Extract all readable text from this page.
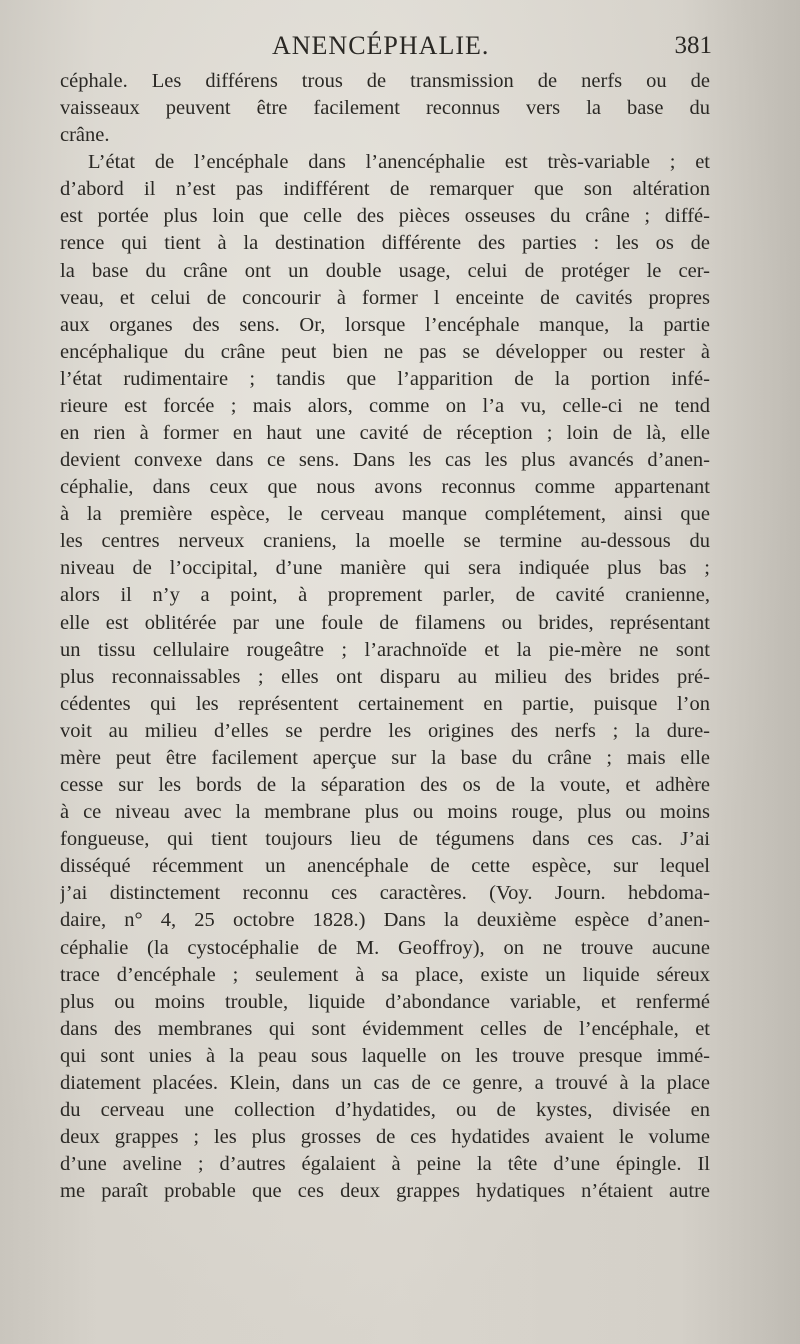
ANENCÉPHALIE.	381
céphale. Les différens trous de transmission de nerfs ou de
vaisseaux peuvent être facilement reconnus vers la base du
crâne.
L’état de l’encéphale dans l’anencéphalie est très-variable ; et
d’abord il n’est pas indifférent de remarquer que son altération
est portée plus loin que celle des pièces osseuses du crâne ; diffé-
rence qui tient à la destination différente des parties : les os de
la base du crâne ont un double usage, celui de protéger le cer-
veau, et celui de concourir à former l enceinte de cavités propres
aux organes des sens. Or, lorsque l’encéphale manque, la partie
encéphalique du crâne peut bien ne pas se développer ou rester à
l’état rudimentaire ; tandis que l’apparition de la portion infé-
rieure est forcée ; mais alors, comme on l’a vu, celle-ci ne tend
en rien à former en haut une cavité de réception ; loin de là, elle
devient convexe dans ce sens. Dans les cas les plus avancés d’anen-
céphalie, dans ceux que nous avons reconnus comme appartenant
à la première espèce, le cerveau manque complétement, ainsi que
les centres nerveux craniens, la moelle se termine au-dessous du
niveau de l’occipital, d’une manière qui sera indiquée plus bas ;
alors il n’y a point, à proprement parler, de cavité cranienne,
elle est oblitérée par une foule de filamens ou brides, représentant
un tissu cellulaire rougeâtre ; l’arachnoïde et la pie-mère ne sont
plus reconnaissables ; elles ont disparu au milieu des brides pré-
cédentes qui les représentent certainement en partie, puisque l’on
voit au milieu d’elles se perdre les origines des nerfs ; la dure-
mère peut être facilement aperçue sur la base du crâne ; mais elle
cesse sur les bords de la séparation des os de la voute, et adhère
à ce niveau avec la membrane plus ou moins rouge, plus ou moins
fongueuse, qui tient toujours lieu de tégumens dans ces cas. J’ai
disséqué récemment un anencéphale de cette espèce, sur lequel
j’ai distinctement reconnu ces caractères. (Voy. Journ. hebdoma-
daire, n° 4, 25 octobre 1828.) Dans la deuxième espèce d’anen-
céphalie (la cystocéphalie de M. Geoffroy), on ne trouve aucune
trace d’encéphale ; seulement à sa place, existe un liquide séreux
plus ou moins trouble, liquide d’abondance variable, et renfermé
dans des membranes qui sont évidemment celles de l’encéphale, et
qui sont unies à la peau sous laquelle on les trouve presque immé-
diatement placées. Klein, dans un cas de ce genre, a trouvé à la place
du cerveau une collection d’hydatides, ou de kystes, divisée en
deux grappes ; les plus grosses de ces hydatides avaient le volume
d’une aveline ; d’autres égalaient à peine la tête d’une épingle. Il
me paraît probable que ces deux grappes hydatiques n’étaient autre
